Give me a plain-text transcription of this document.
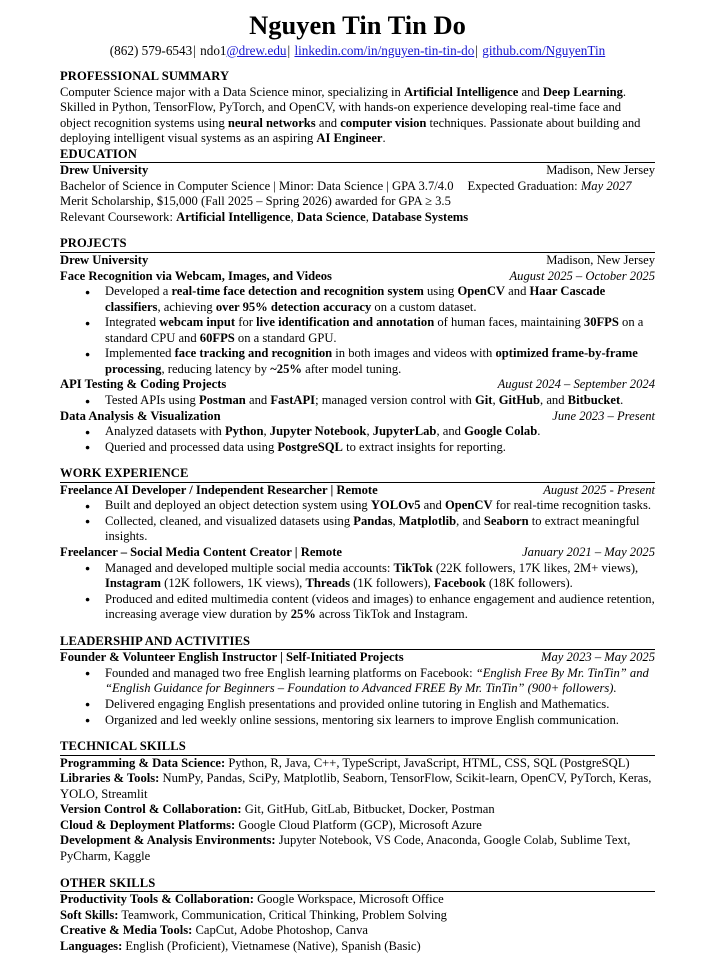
Nguyen Tin Tin Do
(862) 579-6543| ndo1@drew.edu| linkedin.com/in/nguyen-tin-tin-do| github.com/NguyenTin
PROFESSIONAL SUMMARY

Computer Science major with a Data Science minor, specializing in Artificial Intelligence and Deep Learning. Skilled in Python, TensorFlow, PyTorch, and OpenCV, with hands-on experience developing real-time face and object recognition systems using neural networks and computer vision techniques. Passionate about building and deploying intelligent visual systems as an aspiring AI Engineer.

EDUCATION
Drew University	Madison, New Jersey
Bachelor of Science in Computer Science | Minor: Data Science | GPA 3.7/4.0 Expected Graduation: May 2027

Merit Scholarship, $15,000 (Fall 2025 – Spring 2026) awarded for GPA ≥ 3.5

Relevant Coursework: Artificial Intelligence, Data Science, Database Systems

PROJECTS
Drew University	Madison, New Jersey
Face Recognition via Webcam, Images, and Videos	August 2025 – October 2025
● Developed a real-time face detection and recognition system using OpenCV and Haar Cascade classifiers, achieving over 95% detection accuracy on a custom dataset.
● Integrated webcam input for live identification and annotation of human faces, maintaining 30FPS on a standard CPU and 60FPS on a standard GPU.
● Implemented face tracking and recognition in both images and videos with optimized frame-by-frame processing, reducing latency by ~25% after model tuning.
API Testing & Coding Projects	August 2024 – September 2024
● Tested APIs using Postman and FastAPI; managed version control with Git, GitHub, and Bitbucket.
Data Analysis & Visualization	June 2023 – Present
● Analyzed datasets with Python, Jupyter Notebook, JupyterLab, and Google Colab.
● Queried and processed data using PostgreSQL to extract insights for reporting.
WORK EXPERIENCE
Freelance AI Developer / Independent Researcher | Remote	August 2025 - Present
● Built and deployed an object detection system using YOLOv5 and OpenCV for real-time recognition tasks.
● Collected, cleaned, and visualized datasets using Pandas, Matplotlib, and Seaborn to extract meaningful insights.
Freelancer – Social Media Content Creator | Remote	January 2021 – May 2025
● Managed and developed multiple social media accounts: TikTok (22K followers, 17K likes, 2M+ views), Instagram (12K followers, 1K views), Threads (1K followers), Facebook (18K followers).
● Produced and edited multimedia content (videos and images) to enhance engagement and audience retention, increasing average view duration by 25% across TikTok and Instagram.
LEADERSHIP AND ACTIVITIES
Founder & Volunteer English Instructor | Self-Initiated Projects	May 2023 – May 2025
● Founded and managed two free English learning platforms on Facebook: “English Free By Mr. TinTin” and “English Guidance for Beginners – Foundation to Advanced FREE By Mr. TinTin” (900+ followers).
● Delivered engaging English presentations and provided online tutoring in English and Mathematics.
● Organized and led weekly online sessions, mentoring six learners to improve English communication.
TECHNICAL SKILLS

Programming & Data Science: Python, R, Java, C++, TypeScript, JavaScript, HTML, CSS, SQL (PostgreSQL)

Libraries & Tools: NumPy, Pandas, SciPy, Matplotlib, Seaborn, TensorFlow, Scikit-learn, OpenCV, PyTorch, Keras, YOLO, Streamlit

Version Control & Collaboration: Git, GitHub, GitLab, Bitbucket, Docker, Postman

Cloud & Deployment Platforms: Google Cloud Platform (GCP), Microsoft Azure

Development & Analysis Environments: Jupyter Notebook, VS Code, Anaconda, Google Colab, Sublime Text, PyCharm, Kaggle

OTHER SKILLS

Productivity Tools & Collaboration: Google Workspace, Microsoft Office

Soft Skills: Teamwork, Communication, Critical Thinking, Problem Solving

Creative & Media Tools: CapCut, Adobe Photoshop, Canva

Languages: English (Proficient), Vietnamese (Native), Spanish (Basic)
